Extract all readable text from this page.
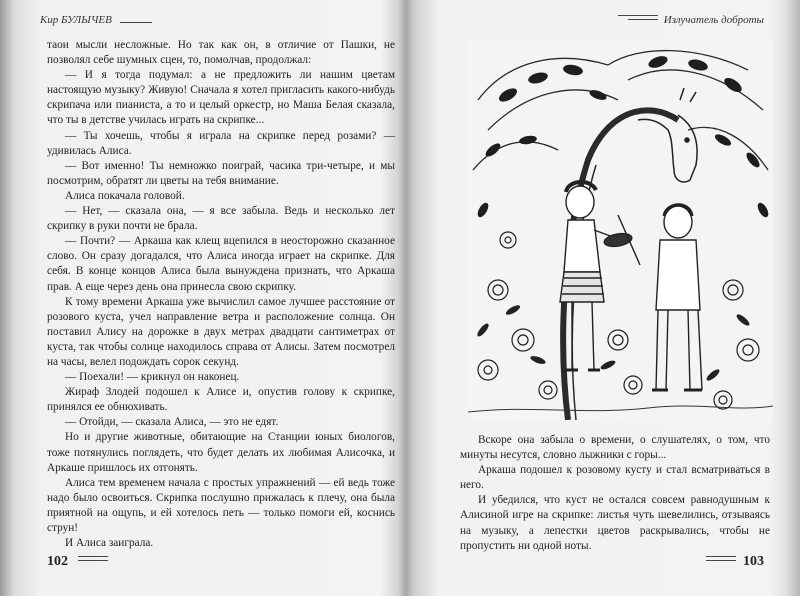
Кир БУЛЫЧЕВ

таои мысли несложные. Но так как он, в отличие от Пашки, не позволял себе шумных сцен, то, помолчав, продолжал:

— И я тогда подумал: а не предложить ли нашим цветам настоящую музыку? Живую! Сначала я хотел пригласить какого-нибудь скрипача или пианиста, а то и целый оркестр, но Маша Белая сказала, что ты в детстве училась играть на скрипке...

— Ты хочешь, чтобы я играла на скрипке перед розами? — удивилась Алиса.

— Вот именно! Ты немножко поиграй, часика три-четыре, и мы посмотрим, обратят ли цветы на тебя внимание.

Алиса покачала головой.

— Нет, — сказала она, — я все забыла. Ведь и несколько лет скрипку в руки почти не брала.

— Почти? — Аркаша как клещ вцепился в неосторожно сказанное слово. Он сразу догадался, что Алиса иногда играет на скрипке. Для себя. В конце концов Алиса была вынуждена признать, что Аркаша прав. А еще через день она принесла свою скрипку.

К тому времени Аркаша уже вычислил самое лучшее расстояние от розового куста, учел направление ветра и расположение солнца. Он поставил Алису на дорожке в двух метрах двадцати сантиметрах от куста, так чтобы солнце находилось справа от Алисы. Затем посмотрел на часы, велел подождать сорок секунд.

— Поехали! — крикнул он наконец.

Жираф Злодей подошел к Алисе и, опустив голову к скрипке, принялся ее обнюхивать.

— Отойди, — сказала Алиса, — это не едят.

Но и другие животные, обитающие на Станции юных биологов, тоже потянулись поглядеть, что будет делать их любимая Алисочка, и Аркаше пришлось их отгонять.

Алиса тем временем начала с простых упражнений — ей ведь тоже надо было освоиться. Скрипка послушно прижалась к плечу, она была приятной на ощупь, и ей хотелось петь — только помоги ей, коснись струн!

И Алиса заиграла.

102
Излучатель доброты

Вскоре она забыла о времени, о слушателях, о том, что минуты несутся, словно лыжники с горы...

Аркаша подошел к розовому кусту и стал всматриваться в него.

И убедился, что куст не остался совсем равнодушным к Алисиной игре на скрипке: листья чуть шевелились, отзываясь на музыку, а лепестки цветов раскрывались, чтобы не пропустить ни одной ноты.

103
